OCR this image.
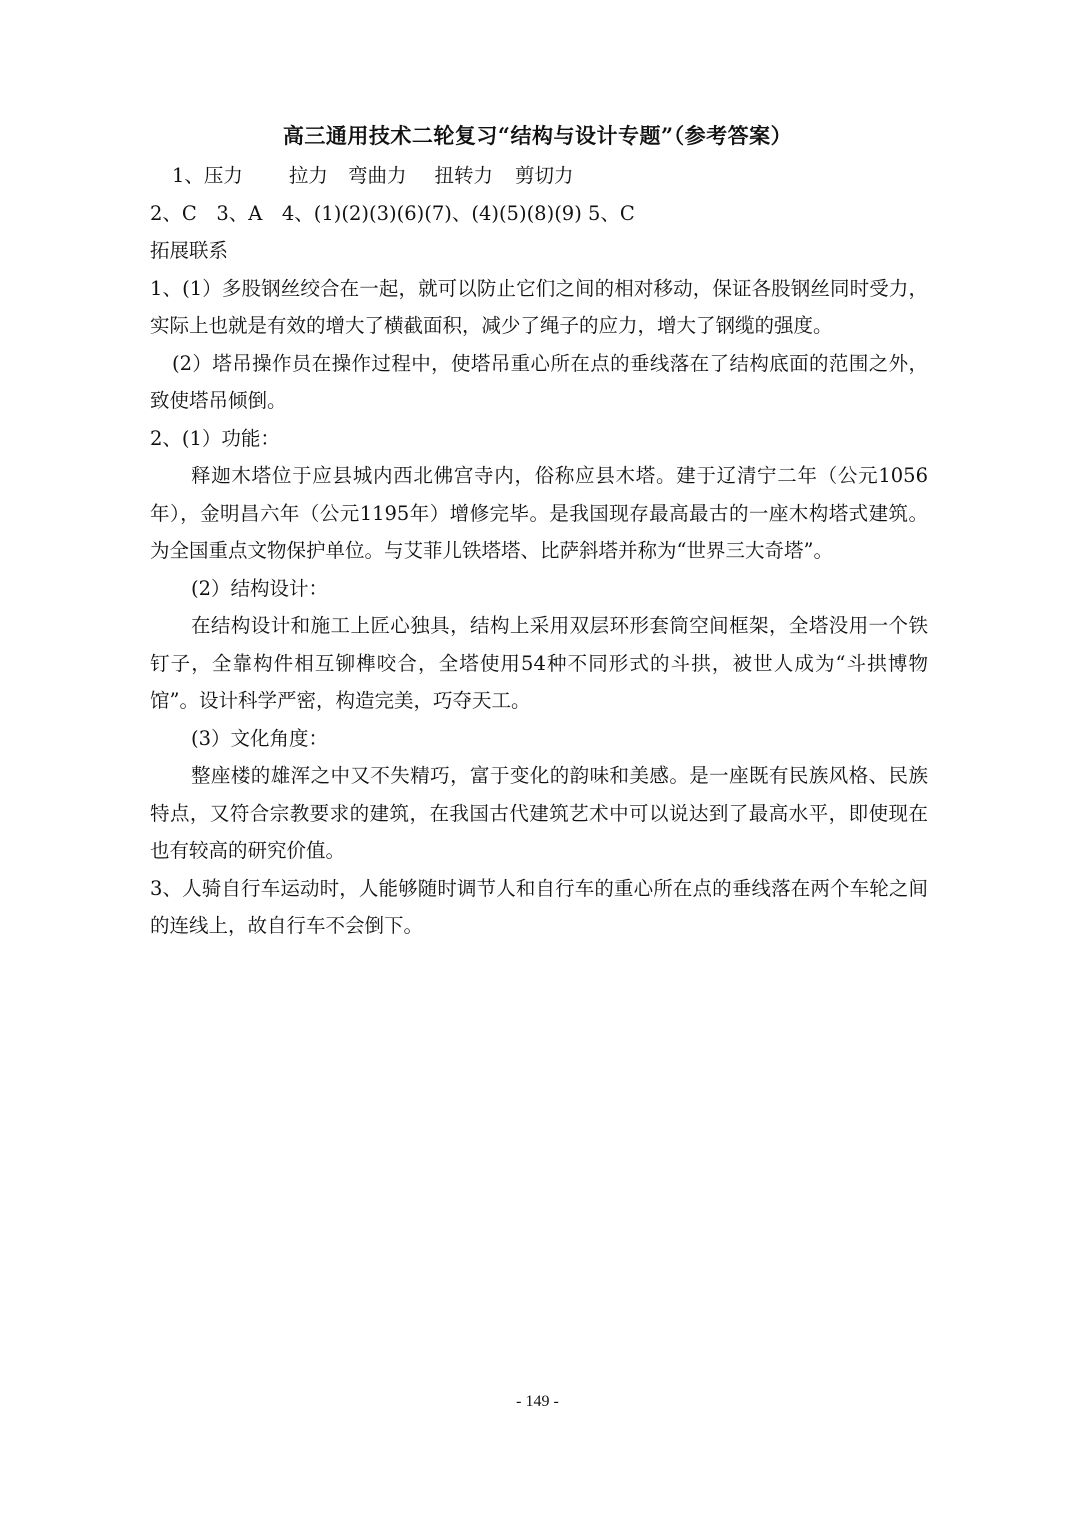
高三通用技术二轮复习“结构与设计专题”（参考答案）

1、压力 拉力 弯曲力 扭转力 剪切力

2、C　3、A　4、(1)(2)(3)(6)(7)、(4)(5)(8)(9) 5、C

拓展联系

1、(1）多股钢丝绞合在一起，就可以防止它们之间的相对移动，保证各股钢丝同时受力，实际上也就是有效的增大了横截面积，减少了绳子的应力，增大了钢缆的强度。

(2）塔吊操作员在操作过程中，使塔吊重心所在点的垂线落在了结构底面的范围之外，致使塔吊倾倒。

2、(1）功能：

释迦木塔位于应县城内西北佛宫寺内，俗称应县木塔。建于辽清宁二年（公元1056年），金明昌六年（公元1195年）增修完毕。是我国现存最高最古的一座木构塔式建筑。为全国重点文物保护单位。与艾菲儿铁塔塔、比萨斜塔并称为“世界三大奇塔”。

(2）结构设计：

在结构设计和施工上匠心独具，结构上采用双层环形套筒空间框架，全塔没用一个铁钉子，全靠构件相互铆榫咬合，全塔使用54种不同形式的斗拱，被世人成为“斗拱博物馆”。设计科学严密，构造完美，巧夺天工。

(3）文化角度：

整座楼的雄浑之中又不失精巧，富于变化的韵味和美感。是一座既有民族风格、民族特点，又符合宗教要求的建筑，在我国古代建筑艺术中可以说达到了最高水平，即使现在也有较高的研究价值。

3、人骑自行车运动时，人能够随时调节人和自行车的重心所在点的垂线落在两个车轮之间的连线上，故自行车不会倒下。

- 149 -
